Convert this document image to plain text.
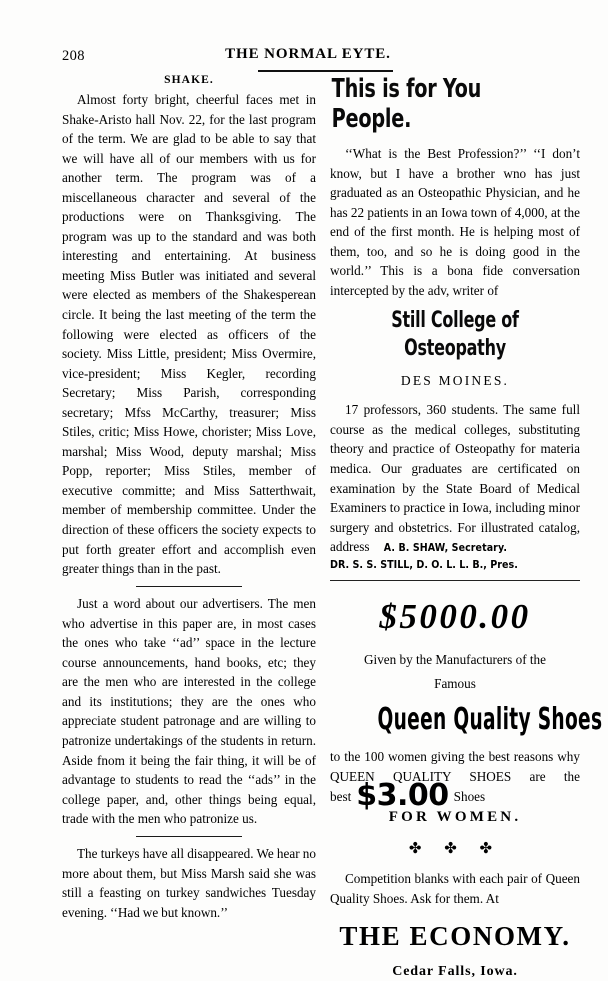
208	THE NORMAL EYTE.
SHAKE.

Almost forty bright, cheerful faces met in Shake-Aristo hall Nov. 22, for the last program of the term. We are glad to be able to say that we will have all of our members with us for another term. The program was of a miscellaneous character and several of the productions were on Thanksgiving. The program was up to the standard and was both interesting and entertaining. At business meeting Miss Butler was initiated and several were elected as members of the Shakesperean circle. It being the last meeting of the term the following were elected as officers of the society. Miss Little, president; Miss Overmire, vice-president; Miss Kegler, recording Secretary; Miss Parish, corresponding secretary; Mfss McCarthy, treasurer; Miss Stiles, critic; Miss Howe, chorister; Miss Love, marshal; Miss Wood, deputy marshal; Miss Popp, reporter; Miss Stiles, member of executive committe; and Miss Satterthwait, member of membership committee. Under the direction of these officers the society expects to put forth greater effort and accomplish even greater things than in the past.

Just a word about our advertisers. The men who advertise in this paper are, in most cases the ones who take ‘‘ad’’ space in the lecture course announcements, hand books, etc; they are the men who are interested in the college and its institutions; they are the ones who appreciate student patronage and are willing to patronize undertakings of the students in return. Aside fnom it being the fair thing, it will be of advantage to students to read the ‘‘ads’’ in the college paper, and, other things being equal, trade with the men who patronize us.

The turkeys have all disappeared. We hear no more about them, but Miss Marsh said she was still a feasting on turkey sandwiches Tuesday evening. ‘‘Had we but known.’’

This is for You People.

‘‘What is the Best Profession?’’ ‘‘I don’t know, but I have a brother wno has just graduated as an Osteopathic Physician, and he has 22 patients in an Iowa town of 4,000, at the end of the first month. He is helping most of them, too, and so he is doing good in the world.’’ This is a bona fide conversation intercepted by the adv, writer of

Still College of Osteopathy
DES MOINES.

17 professors, 360 students. The same full course as the medical colleges, substituting theory and practice of Osteopathy for materia medica. Our graduates are certificated on examination by the State Board of Medical Examiners to practice in Iowa, including minor surgery and obstetrics. For illustrated catalog, address A. B. SHAW, Secretary.

DR. S. S. STILL, D. O. L. L. B., Pres.
$5000.00
Given by the Manufacturers of the
Famous
Queen Quality Shoes

to the 100 women giving the best reasons why QUEEN QUALITY SHOES are the best $3.00 Shoes

FOR WOMEN.
✤ ✤ ✤

Competition blanks with each pair of Queen Quality Shoes. Ask for them. At

THE ECONOMY.
Cedar Falls, Iowa.
